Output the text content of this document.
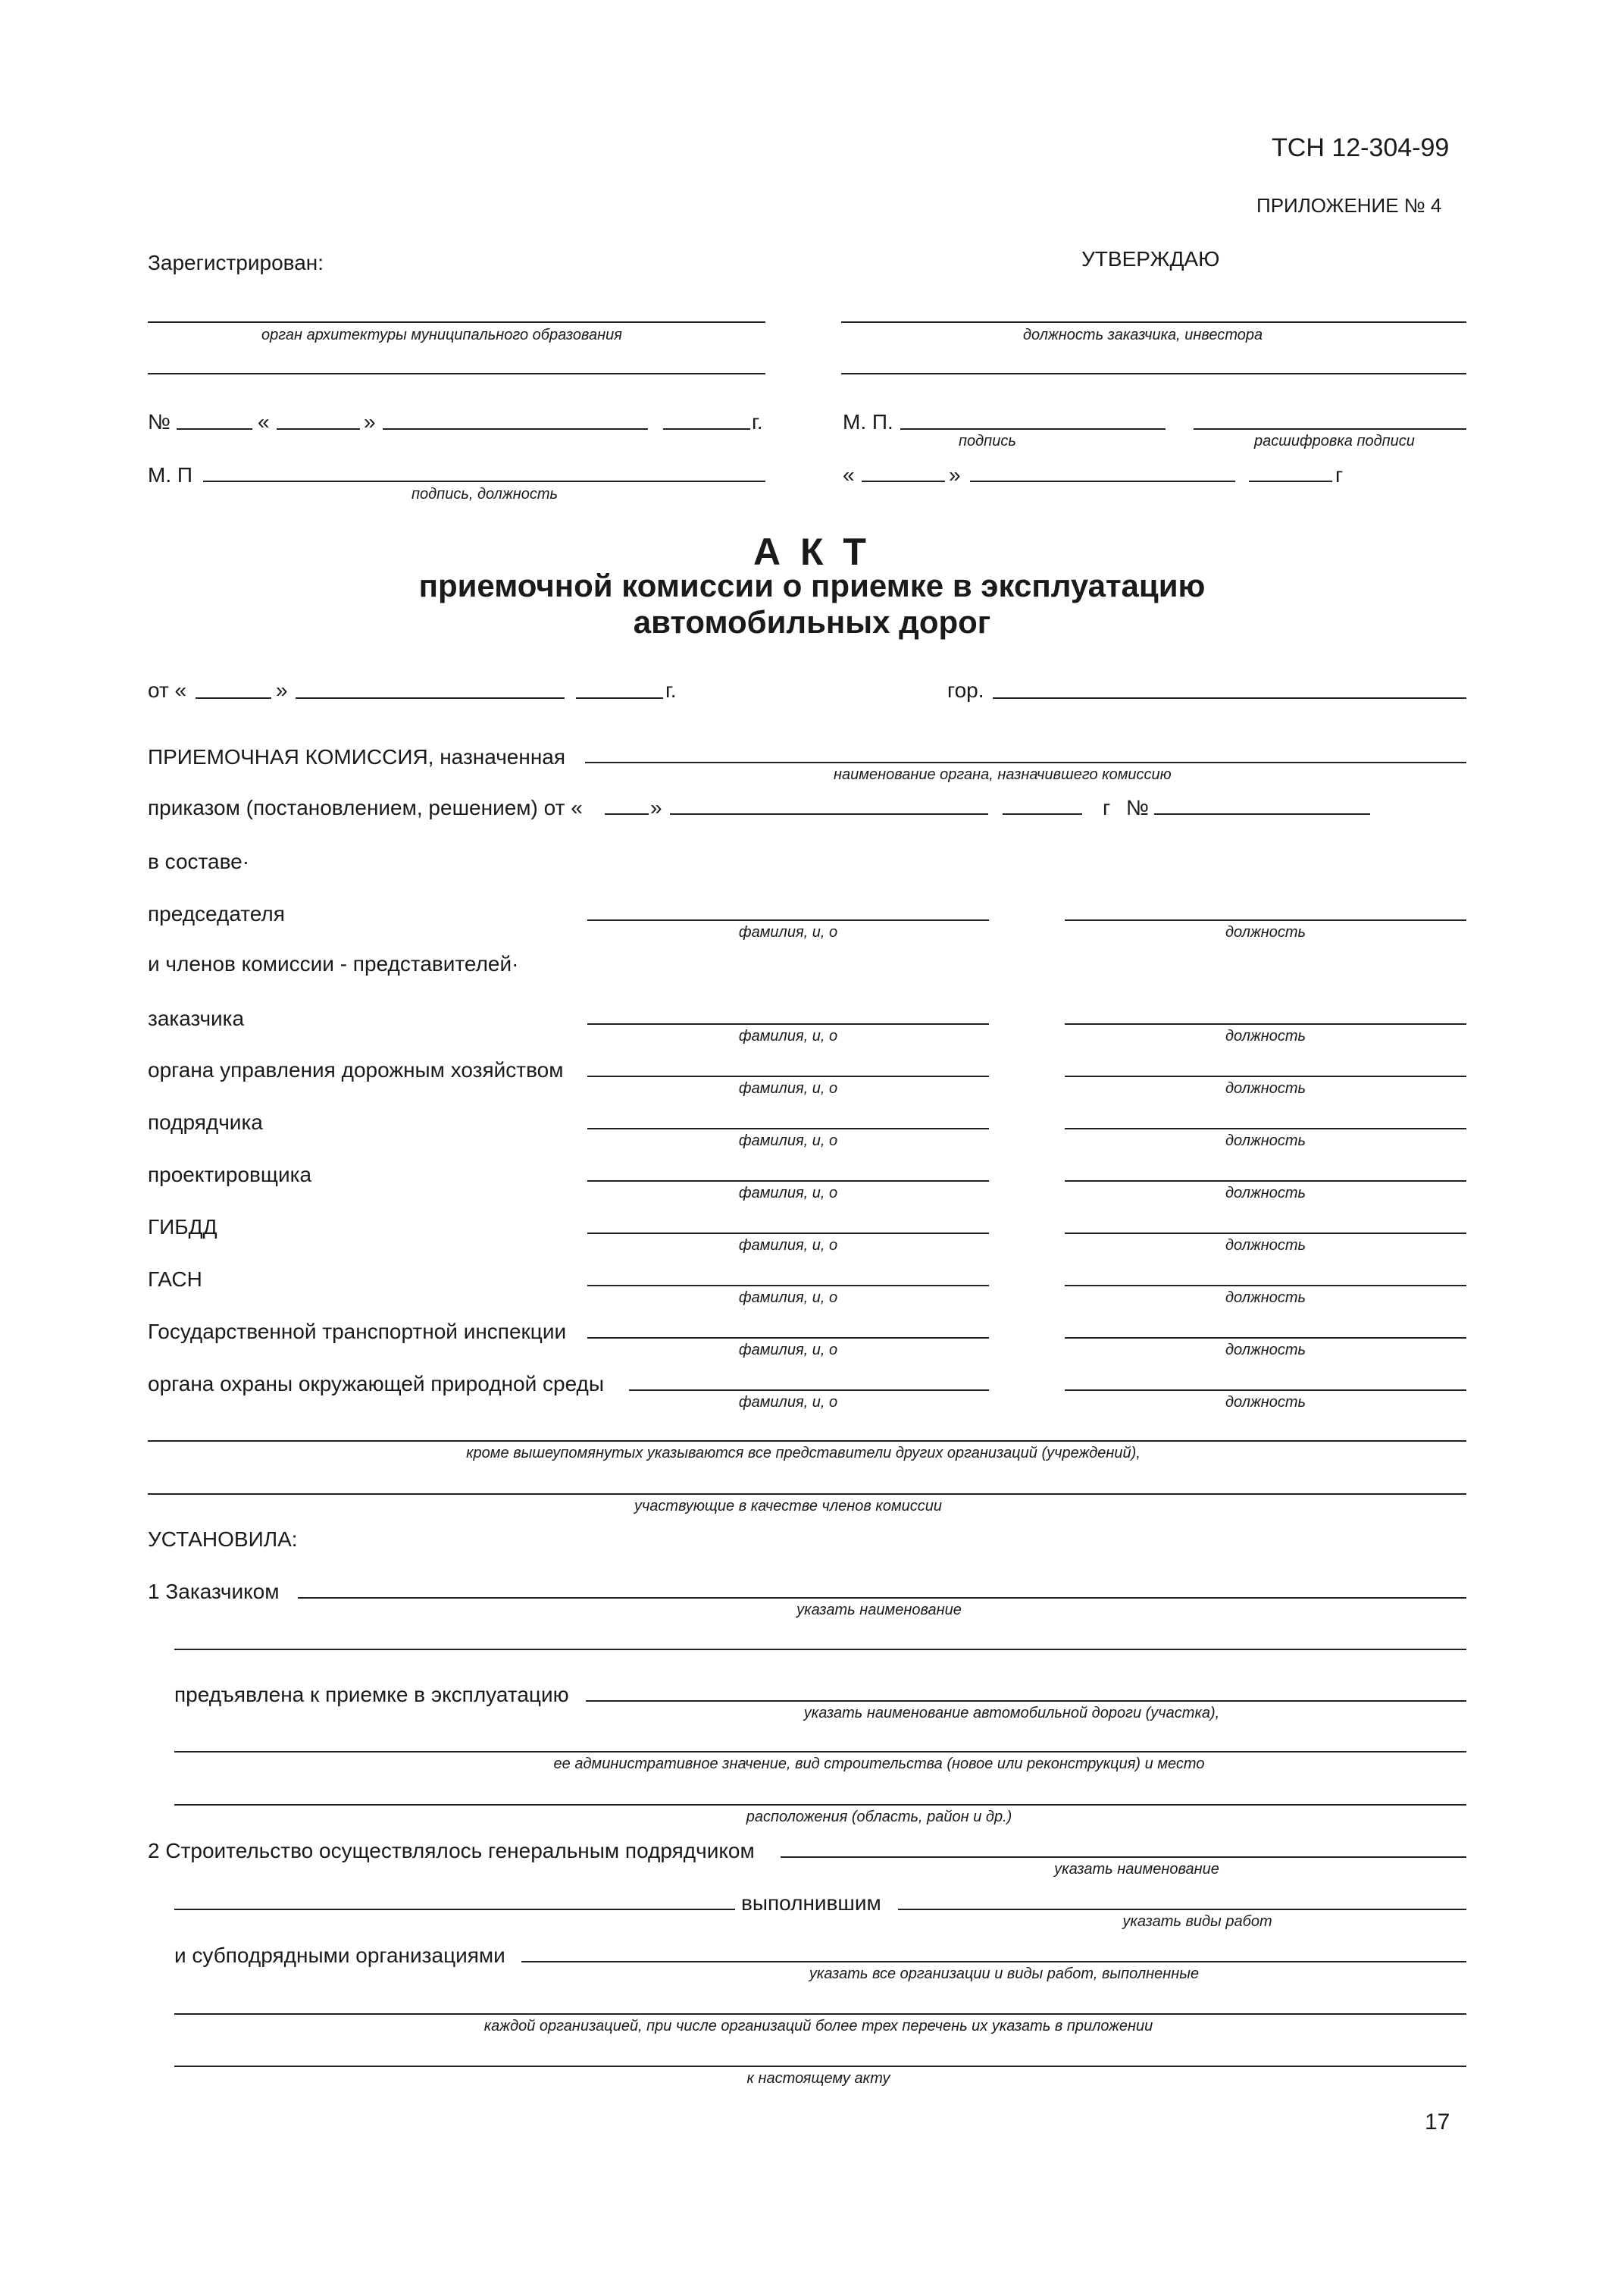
ТСН 12-304-99
ПРИЛОЖЕНИЕ № 4
Зарегистрирован:	УТВЕРЖДАЮ
орган архитектуры муниципального образования	должность заказчика, инвестора
№	«	»	г.	М. П.
подпись	расшифровка подписи
М. П
подпись, должность
«	»	г
А К Т
приемочной комиссии о приемке в эксплуатацию
автомобильных дорог
от «	»	г.	гор.
ПРИЕМОЧНАЯ КОМИССИЯ, назначенная
наименование органа, назначившего комиссию
приказом (постановлением, решением) от «	»	г №
в составе·
председателя
фамилия, и, о	должность
и членов комиссии - представителей·
заказчика
фамилия, и, о	должность
органа управления дорожным хозяйством
фамилия, и, о	должность
подрядчика
фамилия, и, о	должность
проектировщика
фамилия, и, о	должность
ГИБДД
фамилия, и, о	должность
ГАСН
фамилия, и, о	должность
Государственной транспортной инспекции
фамилия, и, о	должность
органа охраны окружающей природной среды
фамилия, и, о	должность
кроме вышеупомянутых указываются все представители других организаций (учреждений),
участвующие в качестве членов комиссии
УСТАНОВИЛА:
1 Заказчиком
указать наименование
предъявлена к приемке в эксплуатацию
указать наименование автомобильной дороги (участка),
ее административное значение, вид строительства (новое или реконструкция) и место
расположения (область, район и др.)
2 Строительство осуществлялось генеральным подрядчиком
указать наименование
выполнившим
указать виды работ
и субподрядными организациями
указать все организации и виды работ, выполненные
каждой организацией, при числе организаций более трех перечень их указать в приложении
к настоящему акту
17
